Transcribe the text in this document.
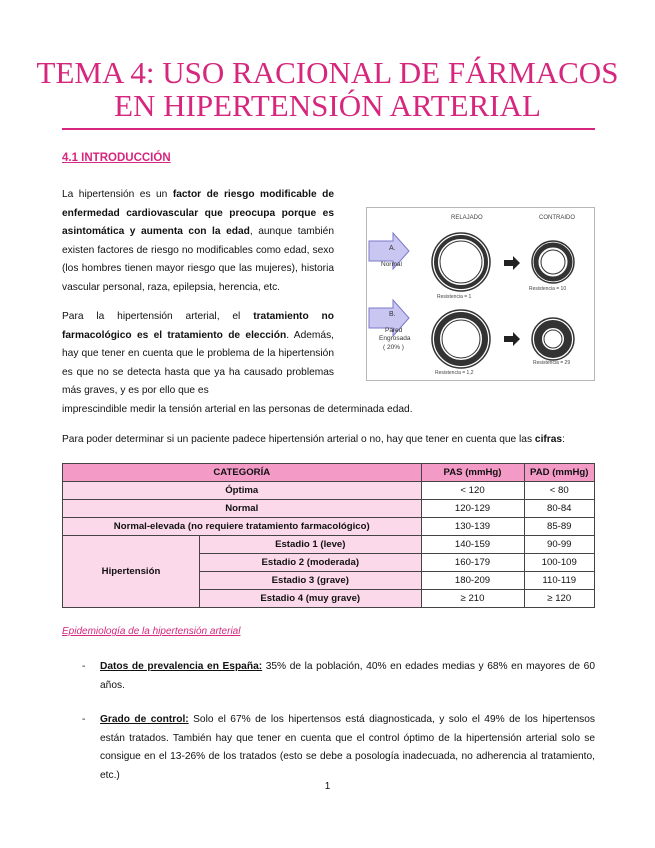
TEMA 4: USO RACIONAL DE FÁRMACOS
EN HIPERTENSIÓN ARTERIAL
4.1 INTRODUCCIÓN

La hipertensión es un factor de riesgo modificable de enfermedad cardiovascular que preocupa porque es asintomática y aumenta con la edad, aunque también existen factores de riesgo no modificables como edad, sexo (los hombres tienen mayor riesgo que las mujeres), historia vascular personal, raza, epilepsia, herencia, etc.

Para la hipertensión arterial, el tratamiento no farmacológico es el tratamiento de elección. Además, hay que tener en cuenta que le problema de la hipertensión es que no se detecta hasta que ya ha causado problemas más graves, y es por ello que es

imprescindible medir la tensión arterial en las personas de determinada edad.
RELAJADO	CONTRAIDO
A.
Normal
Resistencia = 1
Resistencia = 10
B.
Pared
Engrosada
( 20% )
Resistencia = 1,2
Resistencia = 29
Para poder determinar si un paciente padece hipertensión arterial o no, hay que tener en cuenta que las cifras:
CATEGORÍA		PAS (mmHg)	PAD (mmHg)
Óptima		< 120	< 80
Normal		120-129	80-84
Normal-elevada (no requiere tratamiento farmacológico)		130-139	85-89
Hipertensión	Estadio 1 (leve)	140-159	90-99
	Estadio 2 (moderada)	160-179	100-109
	Estadio 3 (grave)	180-209	110-119
	Estadio 4 (muy grave)	≥ 210	≥ 120
Epidemiología de la hipertensión arterial
- Datos de prevalencia en España: 35% de la población, 40% en edades medias y 68% en mayores de 60 años.

- Grado de control: Solo el 67% de los hipertensos está diagnosticada, y solo el 49% de los hipertensos están tratados. También hay que tener en cuenta que el control óptimo de la hipertensión arterial solo se consigue en el 13-26% de los tratados (esto se debe a posología inadecuada, no adherencia al tratamiento, etc.)

1
